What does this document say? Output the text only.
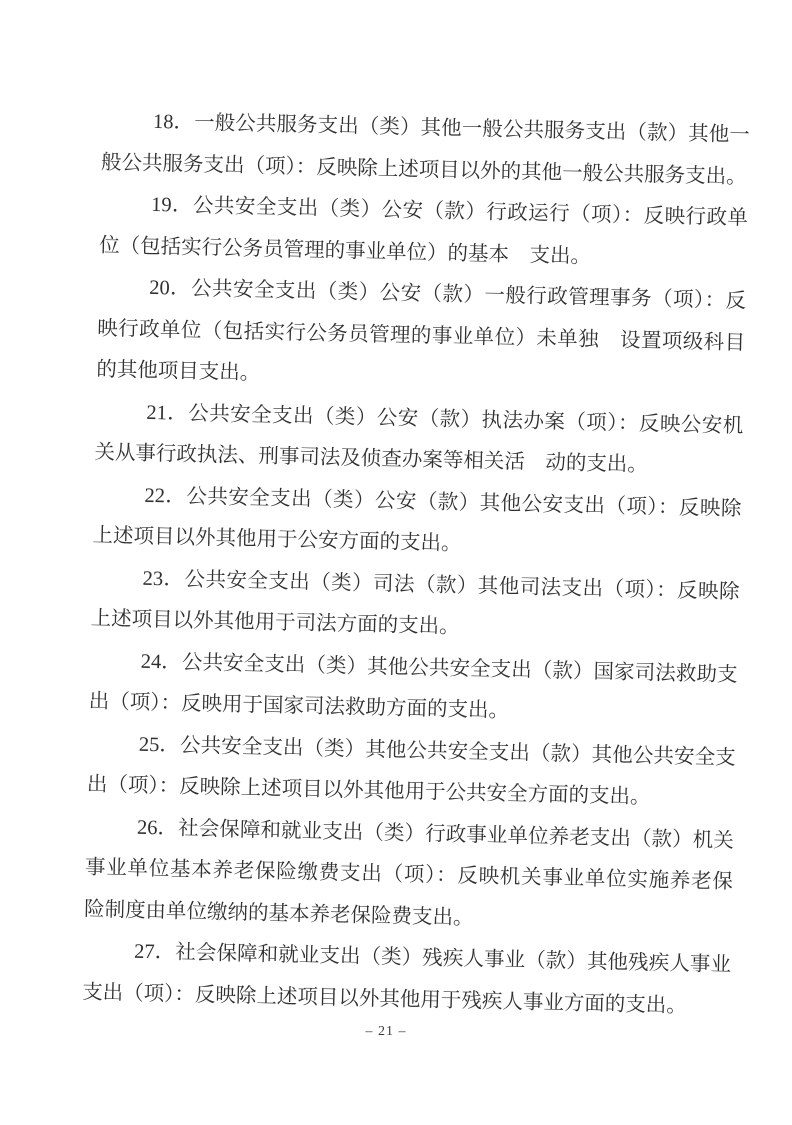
18．一般公共服务支出（类）其他一般公共服务支出（款）其他一
般公共服务支出（项）：反映除上述项目以外的其他一般公共服务支出。
19．公共安全支出（类）公安（款）行政运行（项）：反映行政单
位（包括实行公务员管理的事业单位）的基本　支出。
20．公共安全支出（类）公安（款）一般行政管理事务（项）：反
映行政单位（包括实行公务员管理的事业单位）未单独　设置项级科目
的其他项目支出。
21．公共安全支出（类）公安（款）执法办案（项）：反映公安机
关从事行政执法、刑事司法及侦查办案等相关活　动的支出。
22．公共安全支出（类）公安（款）其他公安支出（项）：反映除
上述项目以外其他用于公安方面的支出。
23．公共安全支出（类）司法（款）其他司法支出（项）：反映除
上述项目以外其他用于司法方面的支出。
24．公共安全支出（类）其他公共安全支出（款）国家司法救助支
出（项）：反映用于国家司法救助方面的支出。
25．公共安全支出（类）其他公共安全支出（款）其他公共安全支
出（项）：反映除上述项目以外其他用于公共安全方面的支出。
26．社会保障和就业支出（类）行政事业单位养老支出（款）机关
事业单位基本养老保险缴费支出（项）：反映机关事业单位实施养老保
险制度由单位缴纳的基本养老保险费支出。
27．社会保障和就业支出（类）残疾人事业（款）其他残疾人事业
支出（项）：反映除上述项目以外其他用于残疾人事业方面的支出。
– 21 –
